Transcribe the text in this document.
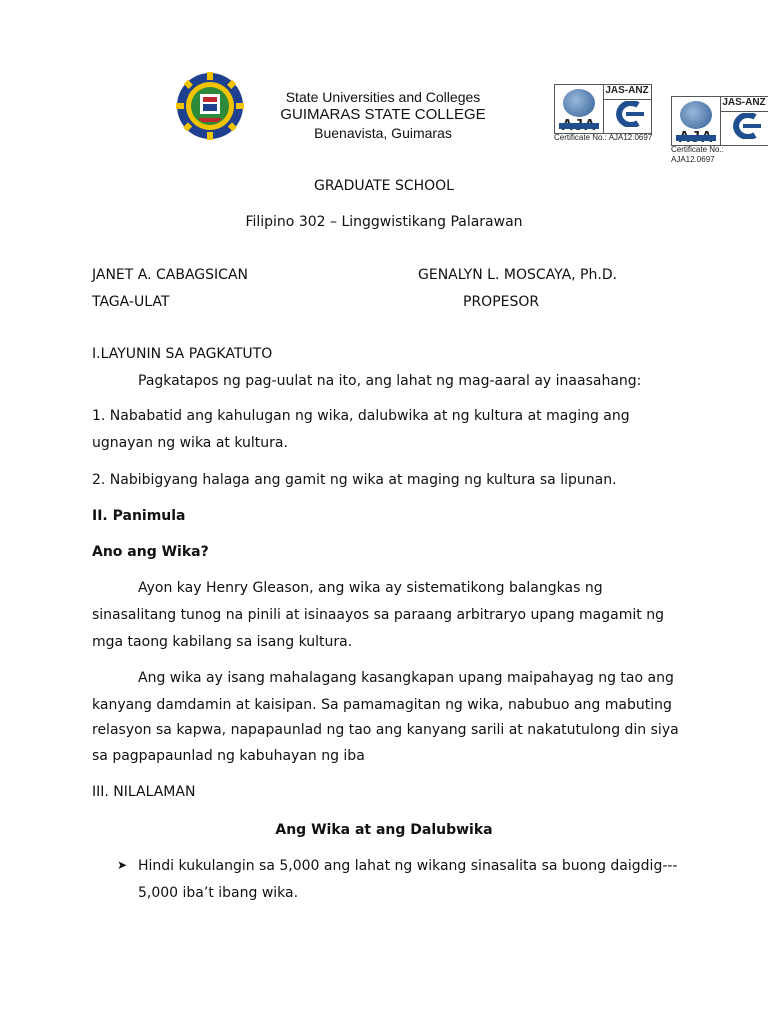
State Universities and Colleges
GUIMARAS STATE COLLEGE
Buenavista, Guimaras
JAS-ANZ
Certificate No.: AJA12.0697
JAS-ANZ
Certificate No.: AJA12.0697
GRADUATE SCHOOL
Filipino 302 – Linggwistikang Palarawan
JANET A. CABAGSICAN
TAGA-ULAT
GENALYN L. MOSCAYA, Ph.D.
PROPESOR
I.LAYUNIN SA PAGKATUTO
Pagkatapos ng pag-uulat na ito, ang lahat ng mag-aaral ay inaasahang:
1. Nababatid ang kahulugan ng wika, dalubwika at ng kultura at maging ang
ugnayan ng wika at kultura.
2. Nabibigyang halaga ang gamit ng wika at maging ng kultura sa lipunan.
II. Panimula
Ano ang Wika?
Ayon kay Henry Gleason, ang wika ay sistematikong balangkas ng
sinasalitang tunog na pinili at isinaayos sa paraang arbitraryo upang magamit ng
mga taong kabilang sa isang kultura.
Ang wika ay isang mahalagang kasangkapan upang maipahayag ng tao ang
kanyang damdamin at kaisipan. Sa pamamagitan ng wika, nabubuo ang mabuting
relasyon sa kapwa, napapaunlad ng tao ang kanyang sarili at nakatutulong din siya
sa pagpapaunlad ng kabuhayan ng iba
III. NILALAMAN
Ang Wika at ang Dalubwika
➤ Hindi kukulangin sa 5,000 ang lahat ng wikang sinasalita sa buong daigdig---
5,000 iba’t ibang wika.
